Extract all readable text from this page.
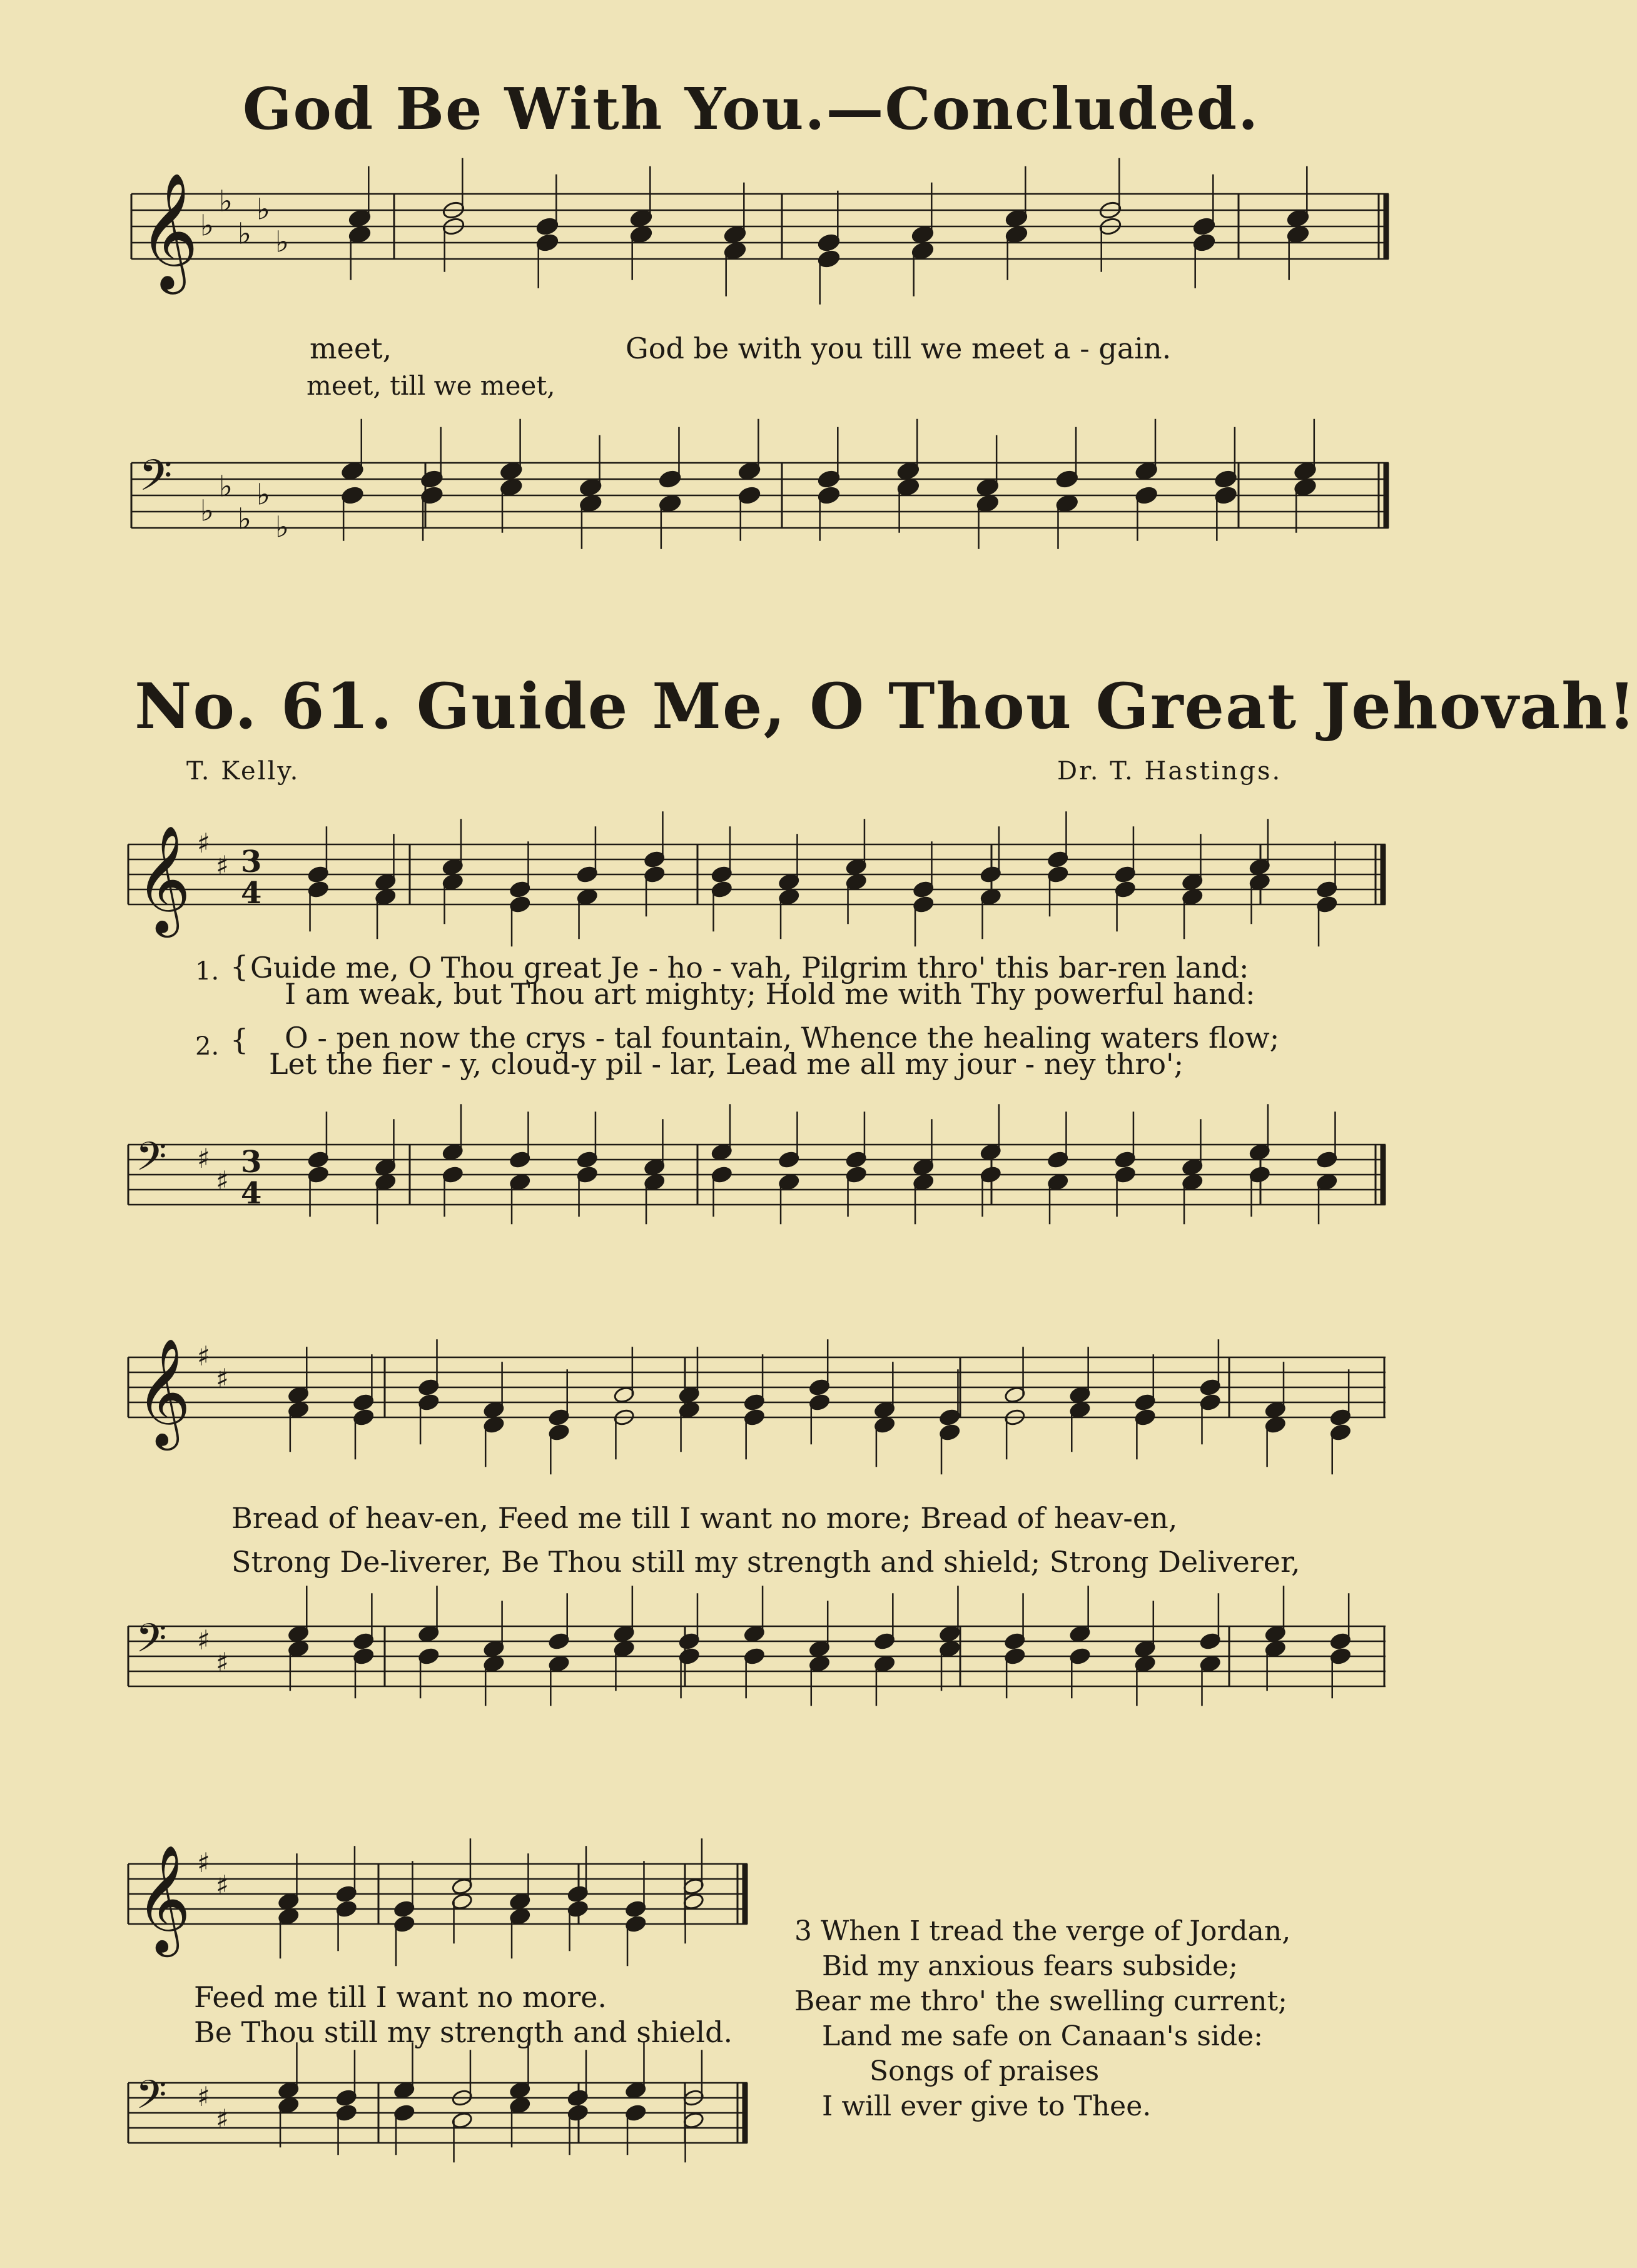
God Be With You.—Concluded.
𝄞 ♭
♭
♭
♭
♭
meet,	God be with you till we meet a - gain.
meet, till we meet,
𝄢
♭
♭
♭
♭
♭
No. 61. Guide Me, O Thou Great Jehovah!
T. Kelly.	Dr. T. Hastings.
𝄞 ♯
♯ 3
4
1. { Guide me, O Thou great Je - ho - vah, Pilgrim thro' this bar-ren land:
I am weak, but Thou art mighty; Hold me with Thy powerful hand:
2. { O - pen now the crys - tal fountain, Whence the healing waters flow;
Let the fier - y, cloud-y pil - lar, Lead me all my jour - ney thro';
𝄢 ♯
♯
3
4
𝄞 ♯
♯
Bread of heav-en, Feed me till I want no more; Bread of heav-en,
Strong De-liverer, Be Thou still my strength and shield; Strong Deliverer,
𝄢 ♯
♯
𝄞 ♯
♯
Feed me till I want no more.
Be Thou still my strength and shield.
𝄢 ♯
♯
3 When I tread the verge of Jordan,
Bid my anxious fears subside;
Bear me thro' the swelling current;
Land me safe on Canaan's side:
Songs of praises
I will ever give to Thee.
